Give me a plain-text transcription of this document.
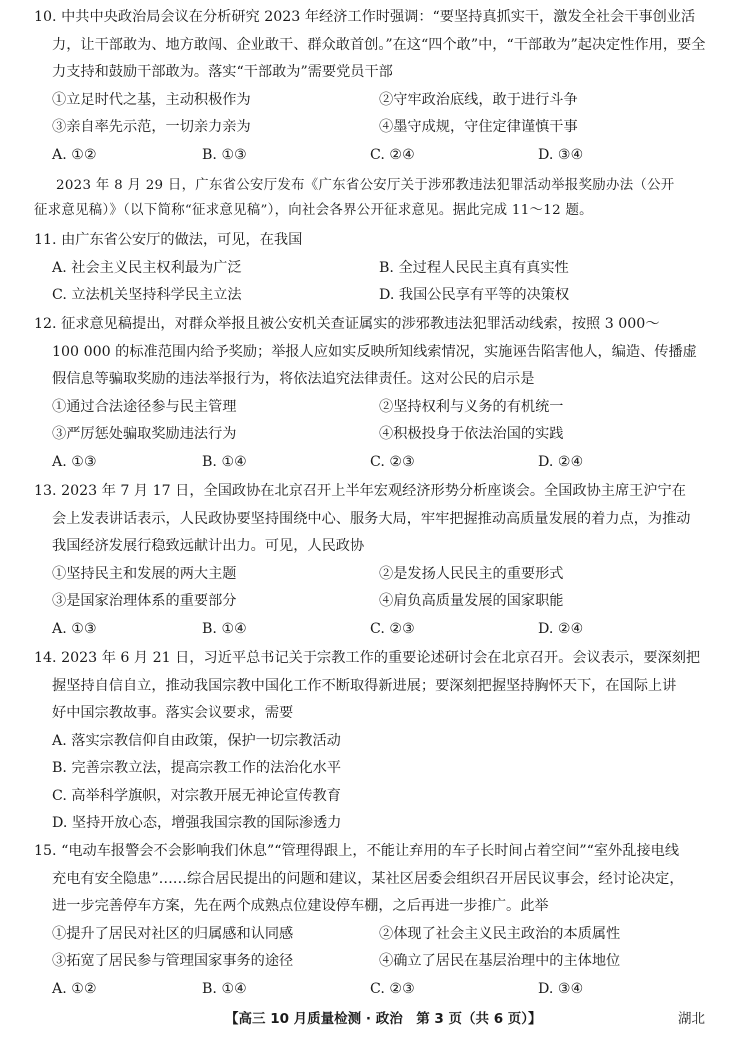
10. 中共中央政治局会议在分析研究 2023 年经济工作时强调：“要坚持真抓实干，激发全社会干事创业活
力，让干部敢为、地方敢闯、企业敢干、群众敢首创。”在这“四个敢”中，“干部敢为”起决定性作用，要全
力支持和鼓励干部敢为。落实“干部敢为”需要党员干部
①立足时代之基，主动积极作为	②守牢政治底线，敢于进行斗争
③亲自率先示范，一切亲力亲为	④墨守成规，守住定律谨慎干事
A. ①②	B. ①③	C. ②④	D. ③④
2023 年 8 月 29 日，广东省公安厅发布《广东省公安厅关于涉邪教违法犯罪活动举报奖励办法（公开
征求意见稿）》（以下简称“征求意见稿”），向社会各界公开征求意见。据此完成 11～12 题。
11. 由广东省公安厅的做法，可见，在我国
A. 社会主义民主权利最为广泛	B. 全过程人民民主真有真实性
C. 立法机关坚持科学民主立法	D. 我国公民享有平等的决策权
12. 征求意见稿提出，对群众举报且被公安机关查证属实的涉邪教违法犯罪活动线索，按照 3 000～
100 000 的标准范围内给予奖励；举报人应如实反映所知线索情况，实施诬告陷害他人，编造、传播虚
假信息等骗取奖励的违法举报行为，将依法追究法律责任。这对公民的启示是
①通过合法途径参与民主管理	②坚持权利与义务的有机统一
③严厉惩处骗取奖励违法行为	④积极投身于依法治国的实践
A. ①③	B. ①④	C. ②③	D. ②④
13. 2023 年 7 月 17 日，全国政协在北京召开上半年宏观经济形势分析座谈会。全国政协主席王沪宁在
会上发表讲话表示，人民政协要坚持围绕中心、服务大局，牢牢把握推动高质量发展的着力点，为推动
我国经济发展行稳致远献计出力。可见，人民政协
①坚持民主和发展的两大主题	②是发扬人民民主的重要形式
③是国家治理体系的重要部分	④肩负高质量发展的国家职能
A. ①③	B. ①④	C. ②③	D. ②④
14. 2023 年 6 月 21 日，习近平总书记关于宗教工作的重要论述研讨会在北京召开。会议表示，要深刻把
握坚持自信自立，推动我国宗教中国化工作不断取得新进展；要深刻把握坚持胸怀天下，在国际上讲
好中国宗教故事。落实会议要求，需要
A. 落实宗教信仰自由政策，保护一切宗教活动
B. 完善宗教立法，提高宗教工作的法治化水平
C. 高举科学旗帜，对宗教开展无神论宣传教育
D. 坚持开放心态，增强我国宗教的国际渗透力
15. “电动车报警会不会影响我们休息”“管理得跟上，不能让弃用的车子长时间占着空间”“室外乱接电线
充电有安全隐患”……综合居民提出的问题和建议，某社区居委会组织召开居民议事会，经讨论决定，
进一步完善停车方案，先在两个成熟点位建设停车棚，之后再进一步推广。此举
①提升了居民对社区的归属感和认同感	②体现了社会主义民主政治的本质属性
③拓宽了居民参与管理国家事务的途径	④确立了居民在基层治理中的主体地位
A. ①②	B. ①④	C. ②③	D. ③④
【高三 10 月质量检测 · 政治　第 3 页（共 6 页）】	湖北
